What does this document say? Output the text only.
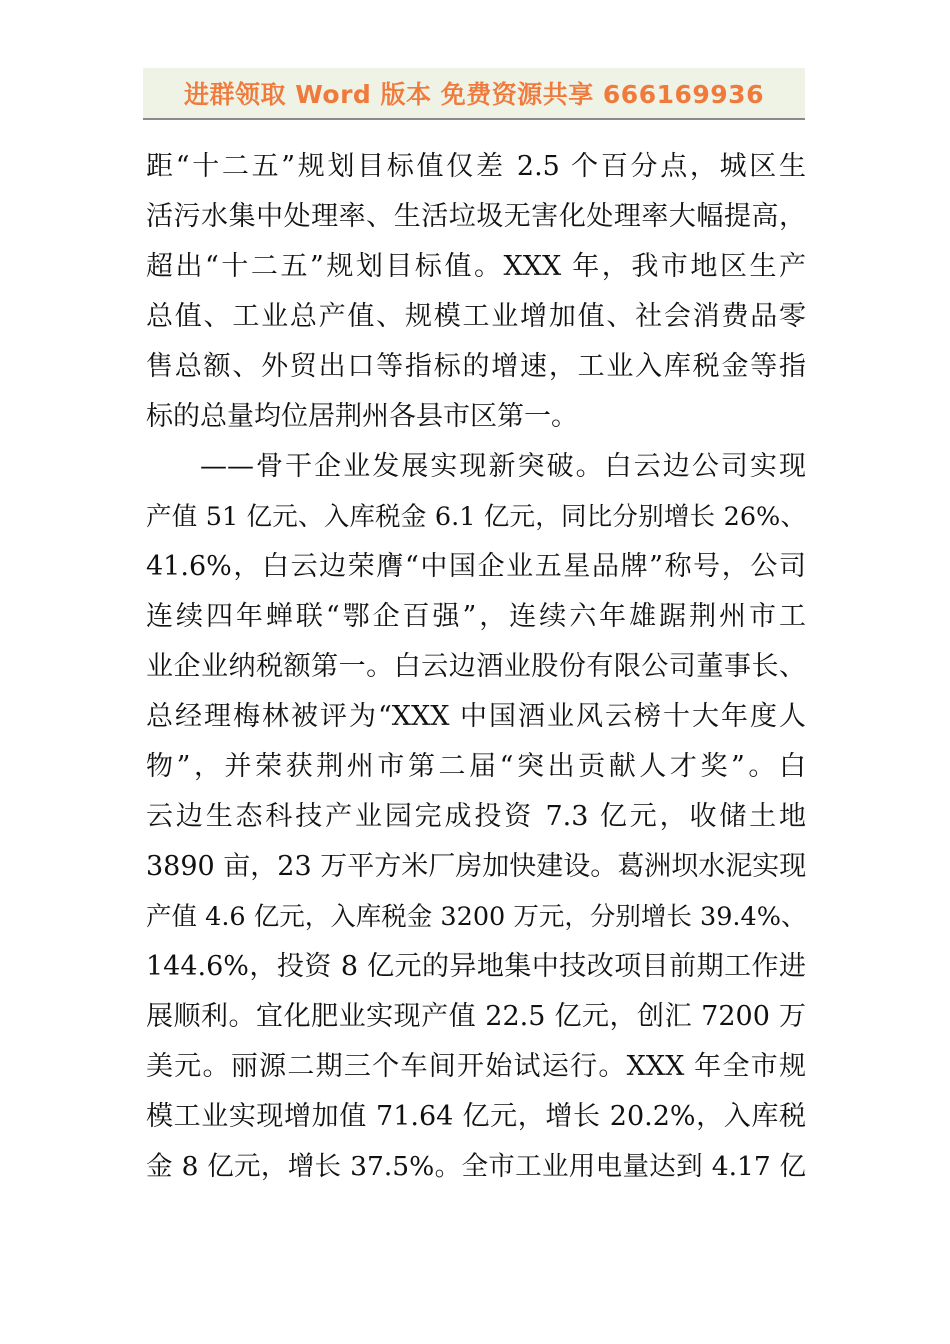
进群领取 Word 版本 免费资源共享 666169936
距“十二五”规划目标值仅差 2.5 个百分点，城区生
活污水集中处理率、生活垃圾无害化处理率大幅提高，
超出“十二五”规划目标值。XXX 年，我市地区生产
总值、工业总产值、规模工业增加值、社会消费品零
售总额、外贸出口等指标的增速，工业入库税金等指
标的总量均位居荆州各县市区第一。
——骨干企业发展实现新突破。白云边公司实现
产值 51 亿元、入库税金 6.1 亿元，同比分别增长 26%、
41.6%，白云边荣膺“中国企业五星品牌”称号，公司
连续四年蝉联“鄂企百强”，连续六年雄踞荆州市工
业企业纳税额第一。白云边酒业股份有限公司董事长、
总经理梅林被评为“XXX 中国酒业风云榜十大年度人
物”，并荣获荆州市第二届“突出贡献人才奖”。白
云边生态科技产业园完成投资 7.3 亿元，收储土地
3890 亩，23 万平方米厂房加快建设。葛洲坝水泥实现
产值 4.6 亿元，入库税金 3200 万元，分别增长 39.4%、
144.6%，投资 8 亿元的异地集中技改项目前期工作进
展顺利。宜化肥业实现产值 22.5 亿元，创汇 7200 万
美元。丽源二期三个车间开始试运行。XXX 年全市规
模工业实现增加值 71.64 亿元，增长 20.2%，入库税
金 8 亿元，增长 37.5%。全市工业用电量达到 4.17 亿
